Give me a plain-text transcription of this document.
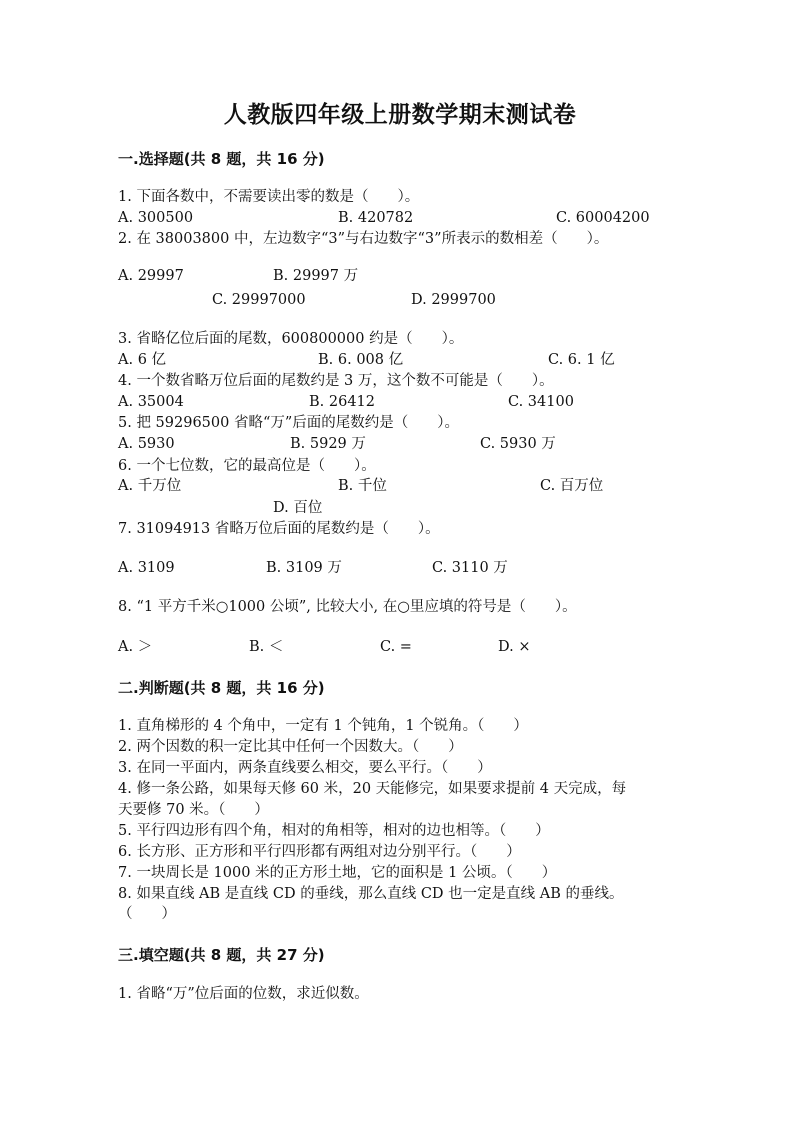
人教版四年级上册数学期末测试卷
一.选择题(共 8 题，共 16 分)
1. 下面各数中，不需要读出零的数是（　　）。
A. 300500	B. 420782	C. 60004200
2. 在 38003800 中，左边数字“3”与右边数字“3”所表示的数相差（　　）。
A. 29997	B. 29997 万
C. 29997000	D. 2999700
3. 省略亿位后面的尾数，600800000 约是（　　）。
A. 6 亿	B. 6. 008 亿	C. 6. 1 亿
4. 一个数省略万位后面的尾数约是 3 万，这个数不可能是（　　）。
A. 35004	B. 26412	C. 34100
5. 把 59296500 省略“万”后面的尾数约是（　　）。
A. 5930	B. 5929 万	C. 5930 万
6. 一个七位数，它的最高位是（　　）。
A. 千万位	B. 千位	C. 百万位
D. 百位
7. 31094913 省略万位后面的尾数约是（　　）。
A. 3109	B. 3109 万	C. 3110 万
8. “1 平方千米○1000 公顷”, 比较大小, 在○里应填的符号是（　　）。
A. ＞	B. ＜	C. =	D. ×
二.判断题(共 8 题，共 16 分)
1. 直角梯形的 4 个角中，一定有 1 个钝角，1 个锐角。（　　）
2. 两个因数的积一定比其中任何一个因数大。（　　）
3. 在同一平面内，两条直线要么相交，要么平行。（　　）
4. 修一条公路，如果每天修 60 米，20 天能修完，如果要求提前 4 天完成，每
天要修 70 米。（　　）
5. 平行四边形有四个角，相对的角相等，相对的边也相等。（　　）
6. 长方形、正方形和平行四形都有两组对边分别平行。（　　）
7. 一块周长是 1000 米的正方形土地，它的面积是 1 公顷。（　　）
8. 如果直线 AB 是直线 CD 的垂线，那么直线 CD 也一定是直线 AB 的垂线。
（　　）
三.填空题(共 8 题，共 27 分)
1. 省略“万”位后面的位数，求近似数。
